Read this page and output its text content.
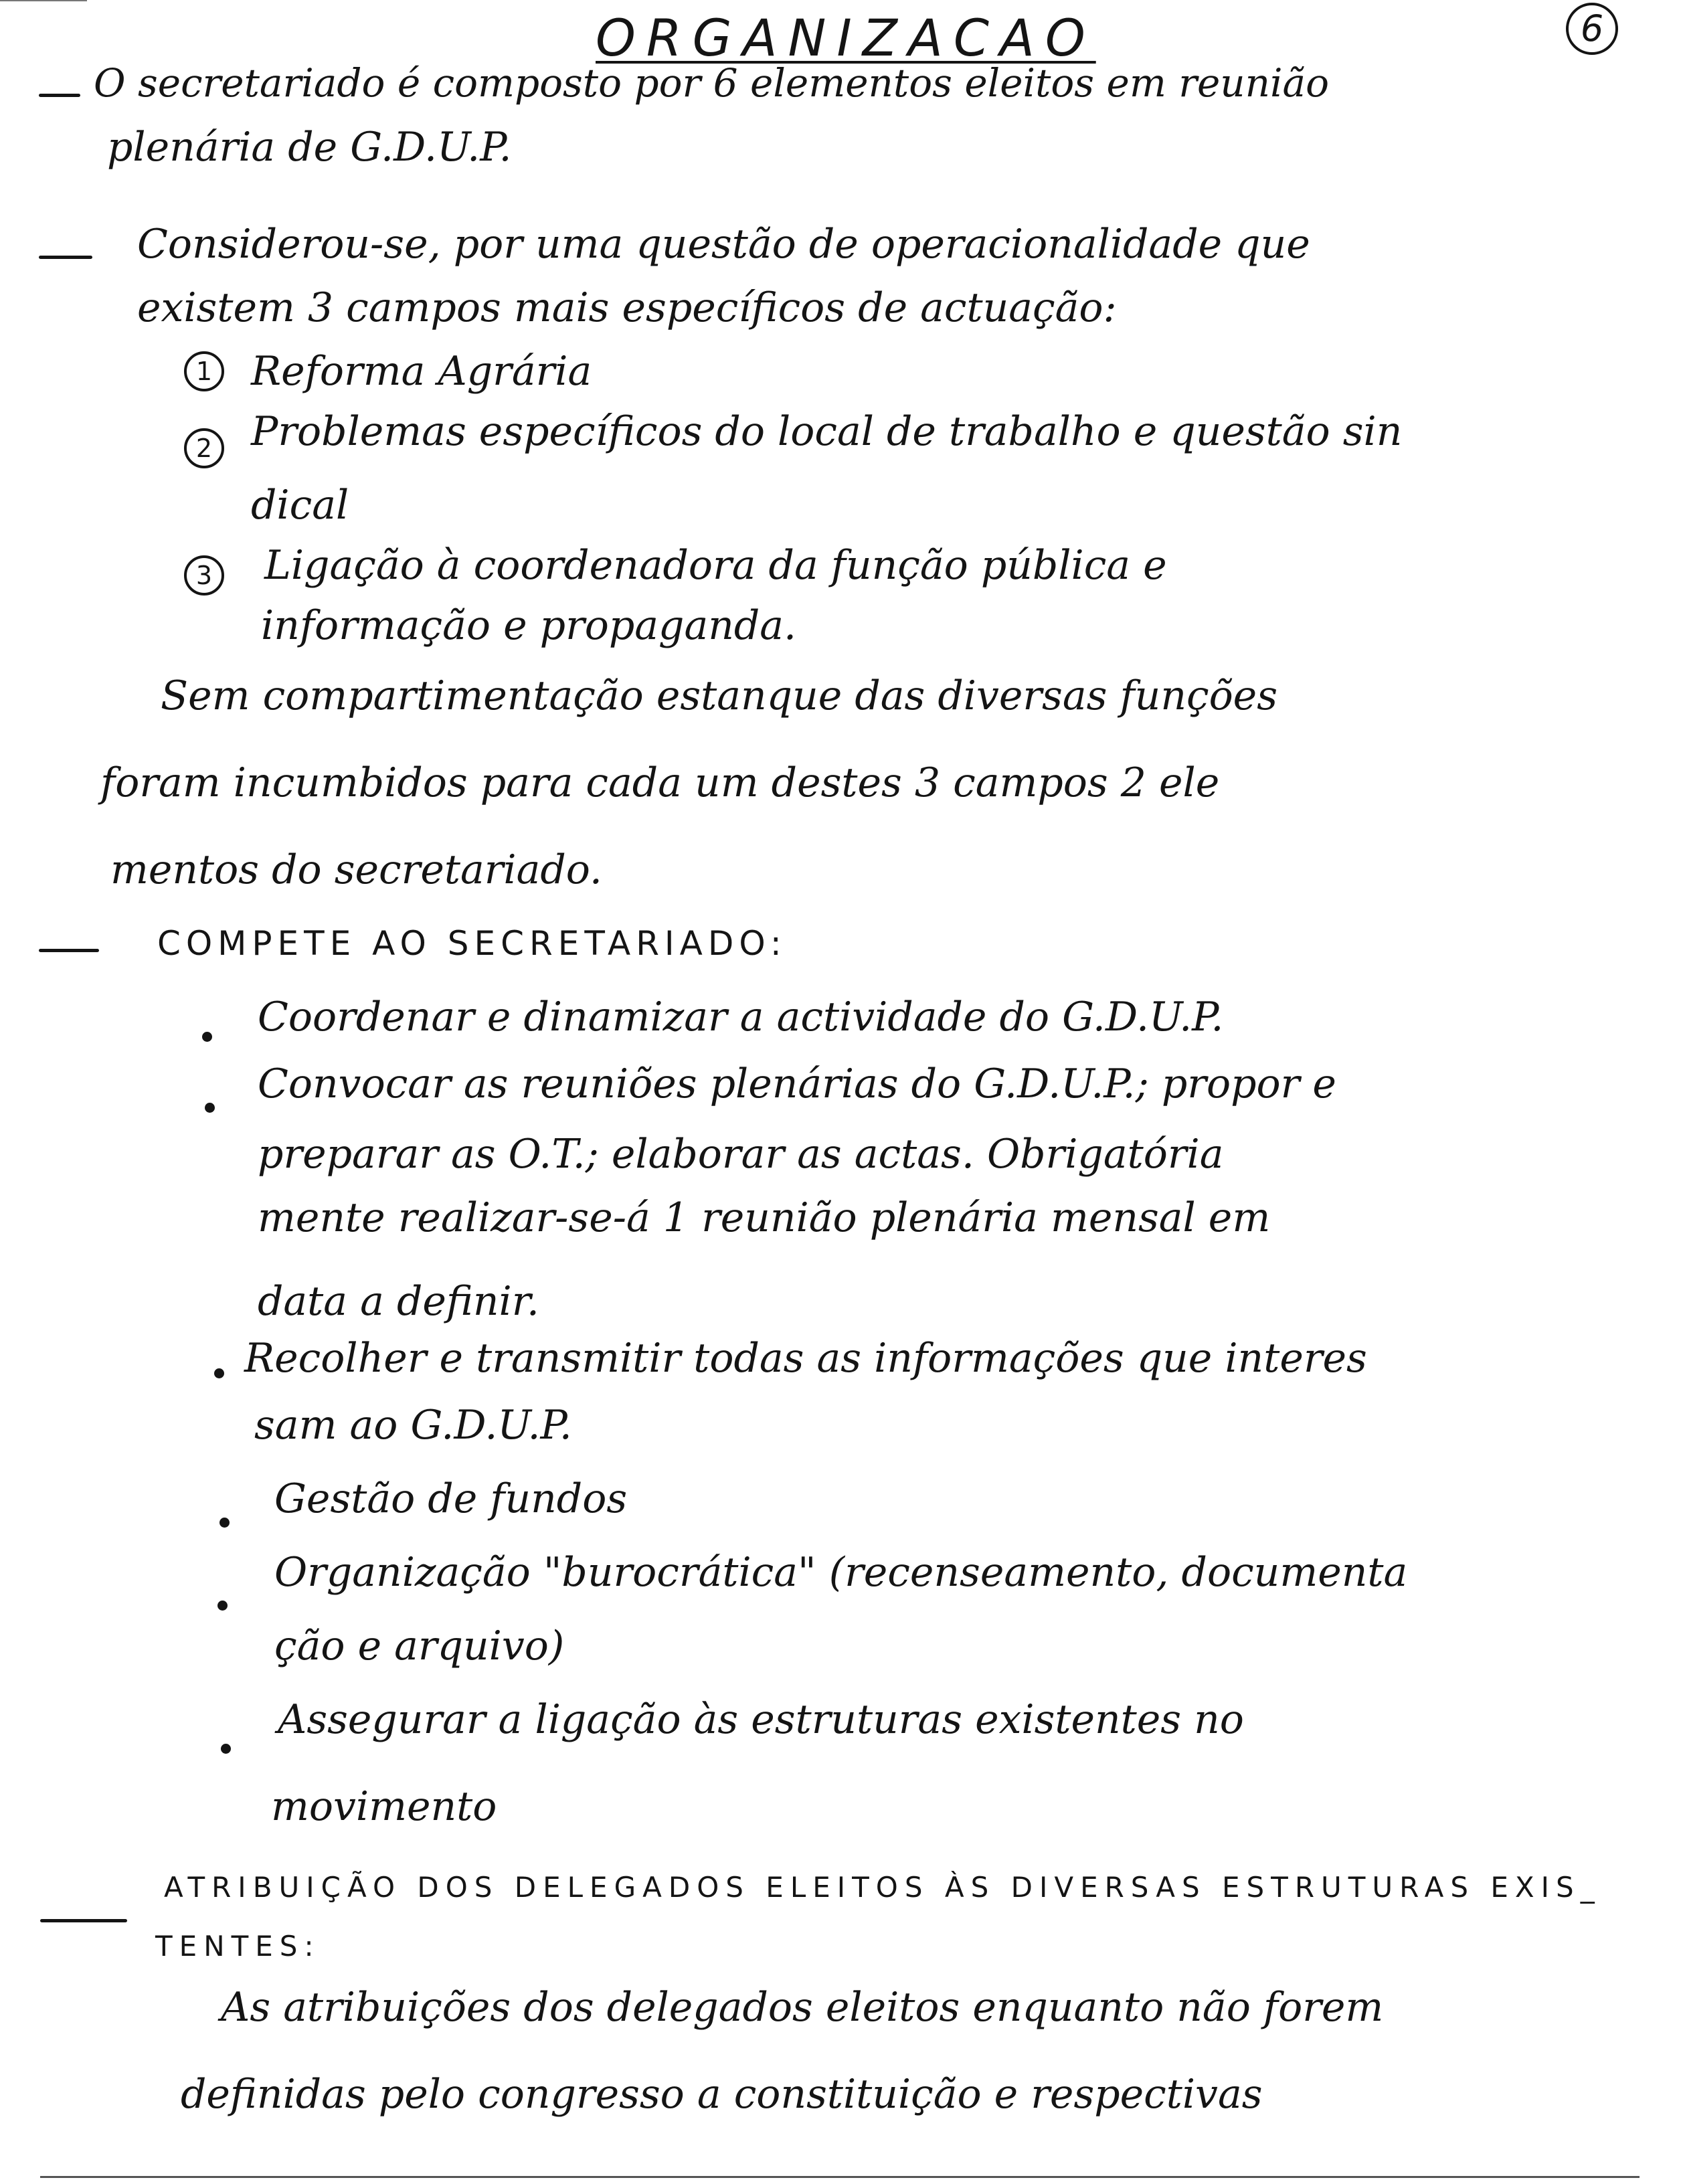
ORGANIZACAO	6
O secretariado é composto por 6 elementos eleitos em reunião
plenária de G.D.U.P.
Considerou-se, por uma questão de operacionalidade que
existem 3 campos mais específicos de actuação:
1 Reforma Agrária
2 Problemas específicos do local de trabalho e questão sin
dical
3 Ligação à coordenadora da função pública e
informação e propaganda.
Sem compartimentação estanque das diversas funções
foram incumbidos para cada um destes 3 campos 2 ele
mentos do secretariado.
COMPETE AO SECRETARIADO:
Coordenar e dinamizar a actividade do G.D.U.P.
Convocar as reuniões plenárias do G.D.U.P.; propor e
preparar as O.T.; elaborar as actas. Obrigatória
mente realizar-se-á 1 reunião plenária mensal em
data a definir.
Recolher e transmitir todas as informações que interes
sam ao G.D.U.P.
Gestão de fundos
Organização "burocrática" (recenseamento, documenta
ção e arquivo)
Assegurar a ligação às estruturas existentes no
movimento
ATRIBUIÇÃO DOS DELEGADOS ELEITOS ÀS DIVERSAS ESTRUTURAS EXIS_
TENTES:
As atribuições dos delegados eleitos enquanto não forem
definidas pelo congresso a constituição e respectivas
